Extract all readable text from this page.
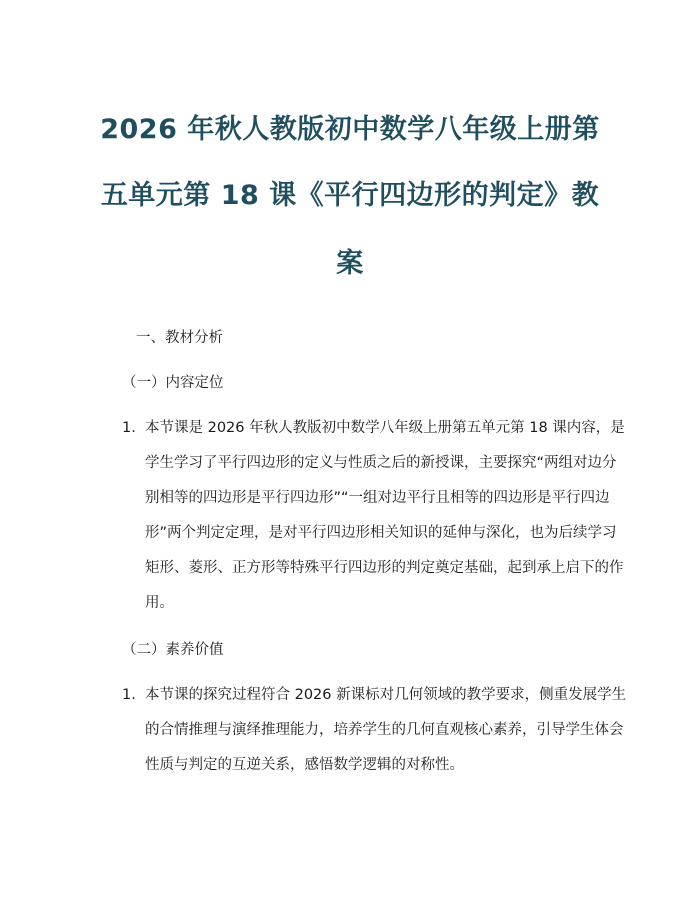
2026 年秋人教版初中数学八年级上册第
五单元第 18 课《平行四边形的判定》教
案
一、教材分析
（一）内容定位
1. 本节课是 2026 年秋人教版初中数学八年级上册第五单元第 18 课内容，是
学生学习了平行四边形的定义与性质之后的新授课，主要探究“两组对边分
别相等的四边形是平行四边形”“一组对边平行且相等的四边形是平行四边
形”两个判定定理，是对平行四边形相关知识的延伸与深化，也为后续学习
矩形、菱形、正方形等特殊平行四边形的判定奠定基础，起到承上启下的作
用。
（二）素养价值
1. 本节课的探究过程符合 2026 新课标对几何领域的教学要求，侧重发展学生
的合情推理与演绎推理能力，培养学生的几何直观核心素养，引导学生体会
性质与判定的互逆关系，感悟数学逻辑的对称性。
